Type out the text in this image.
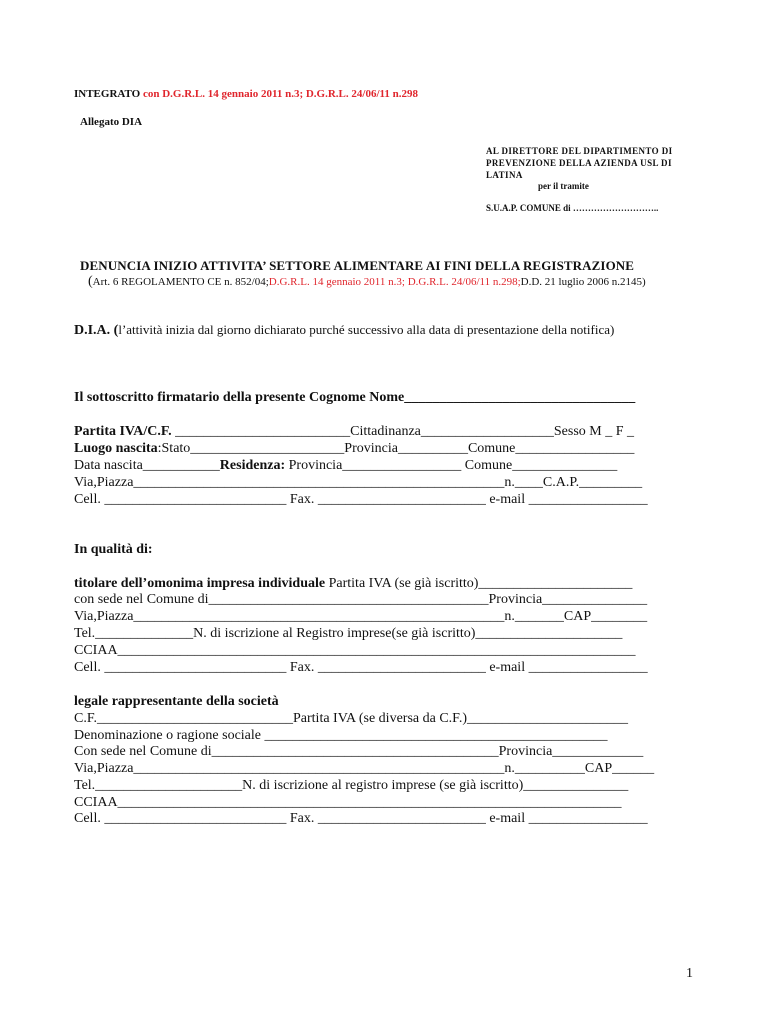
INTEGRATO con D.G.R.L. 14 gennaio 2011 n.3; D.G.R.L. 24/06/11 n.298
Allegato DIA
AL DIRETTORE DEL DIPARTIMENTO DI
PREVENZIONE DELLA AZIENDA USL DI
LATINA
per il tramite
S.U.A.P. COMUNE di ………………………..
DENUNCIA INIZIO ATTIVITA’ SETTORE ALIMENTARE AI FINI DELLA REGISTRAZIONE
(Art. 6 REGOLAMENTO CE n. 852/04;D.G.R.L. 14 gennaio 2011 n.3; D.G.R.L. 24/06/11 n.298;D.D. 21 luglio 2006 n.2145)
D.I.A. (l’attività inizia dal giorno dichiarato purché successivo alla data di presentazione della notifica)
Il sottoscritto firmatario della presente Cognome Nome_________________________________
Partita IVA/C.F. _________________________Cittadinanza___________________Sesso M _ F _
Luogo nascita:Stato______________________Provincia__________Comune_________________
Data nascita___________Residenza: Provincia_________________ Comune_______________
Via,Piazza_____________________________________________________n.____C.A.P._________
Cell. __________________________ Fax. ________________________ e-mail _________________
In qualità di:
titolare dell’omonima impresa individuale Partita IVA (se già iscritto)______________________
con sede nel Comune di________________________________________Provincia_______________
Via,Piazza_____________________________________________________n._______CAP________
Tel.______________N. di iscrizione al Registro imprese(se già iscritto)_____________________
CCIAA__________________________________________________________________________
Cell. __________________________ Fax. ________________________ e-mail _________________
legale rappresentante della società
C.F.____________________________Partita IVA (se diversa da C.F.)_______________________
Denominazione o ragione sociale _________________________________________________
Con sede nel Comune di_________________________________________Provincia_____________
Via,Piazza_____________________________________________________n.__________CAP______
Tel._____________________N. di iscrizione al registro imprese (se già iscritto)_______________
CCIAA________________________________________________________________________
Cell. __________________________ Fax. ________________________ e-mail _________________
1
